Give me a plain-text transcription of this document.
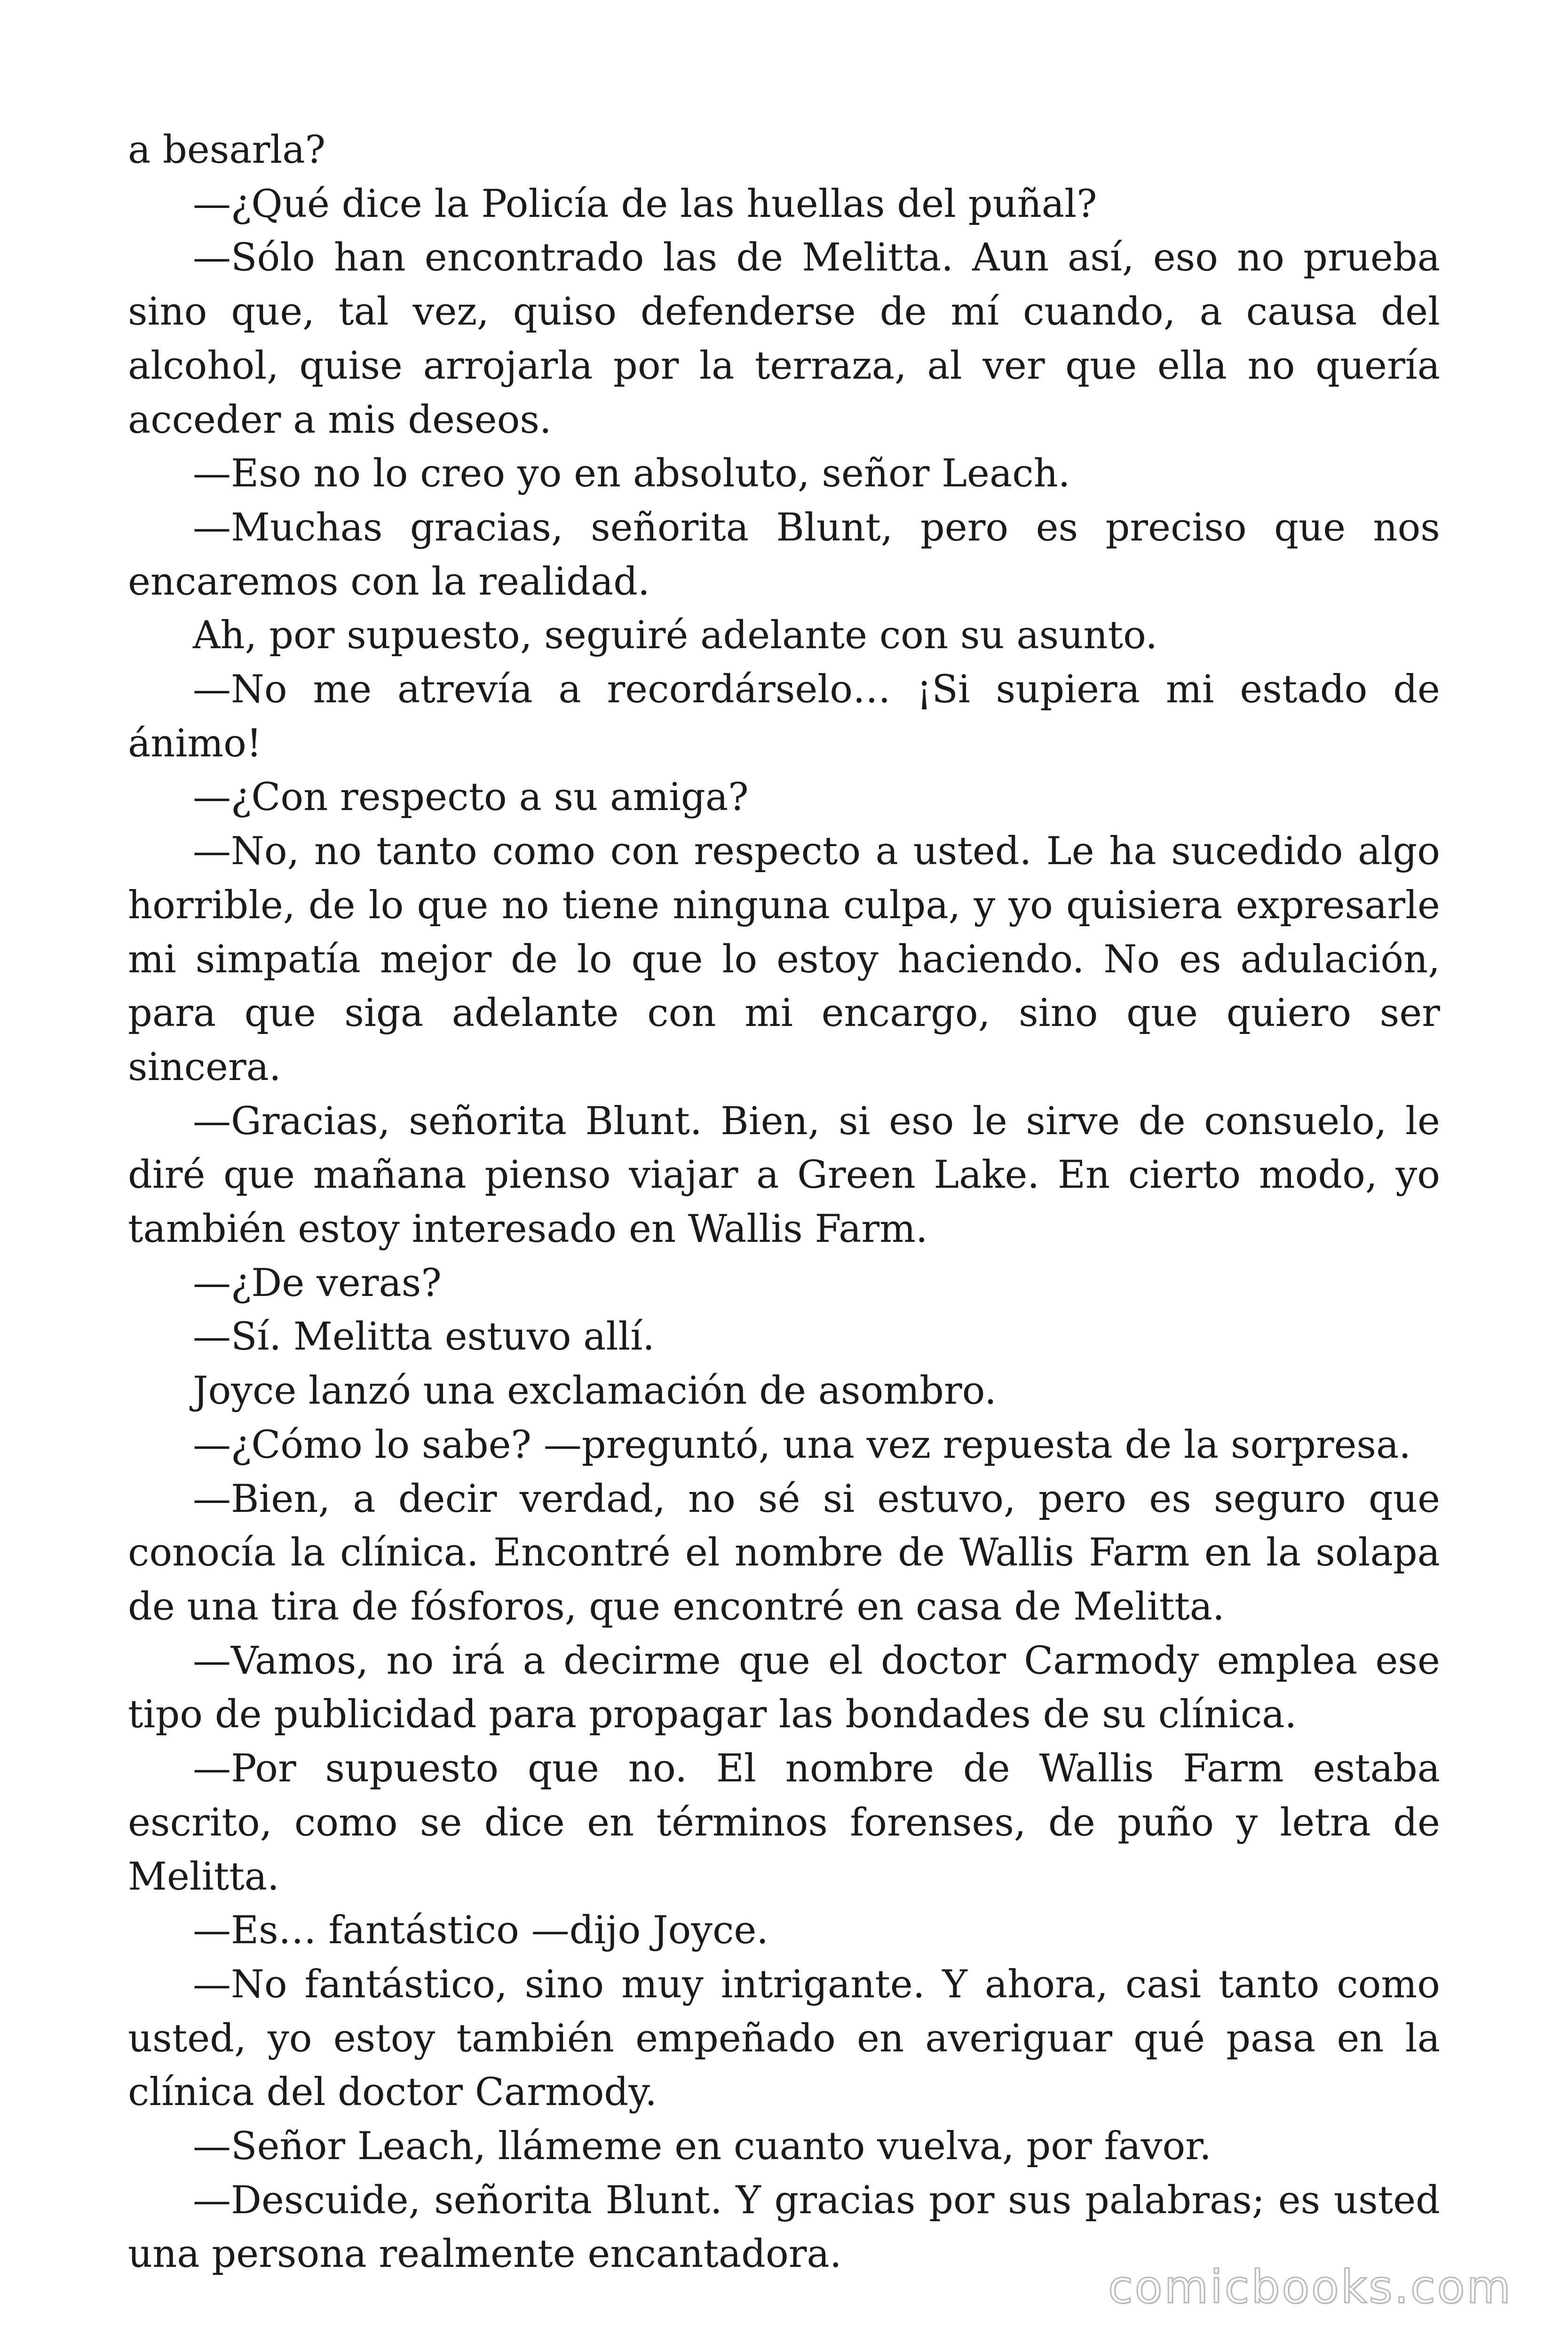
a besarla?

—¿Qué dice la Policía de las huellas del puñal?

—Sólo han encontrado las de Melitta. Aun así, eso no prueba sino que, tal vez, quiso defenderse de mí cuando, a causa del alcohol, quise arrojarla por la terraza, al ver que ella no quería acceder a mis deseos.

—Eso no lo creo yo en absoluto, señor Leach.

—Muchas gracias, señorita Blunt, pero es preciso que nos encaremos con la realidad.

Ah, por supuesto, seguiré adelante con su asunto.

—No me atrevía a recordárselo… ¡Si supiera mi estado de ánimo!

—¿Con respecto a su amiga?

—No, no tanto como con respecto a usted. Le ha sucedido algo horrible, de lo que no tiene ninguna culpa, y yo quisiera expresarle mi simpatía mejor de lo que lo estoy haciendo. No es adulación, para que siga adelante con mi encargo, sino que quiero ser sincera.

—Gracias, señorita Blunt. Bien, si eso le sirve de consuelo, le diré que mañana pienso viajar a Green Lake. En cierto modo, yo también estoy interesado en Wallis Farm.

—¿De veras?

—Sí. Melitta estuvo allí.

Joyce lanzó una exclamación de asombro.

—¿Cómo lo sabe? —preguntó, una vez repuesta de la sorpresa.

—Bien, a decir verdad, no sé si estuvo, pero es seguro que conocía la clínica. Encontré el nombre de Wallis Farm en la solapa de una tira de fósforos, que encontré en casa de Melitta.

—Vamos, no irá a decirme que el doctor Carmody emplea ese tipo de publicidad para propagar las bondades de su clínica.

—Por supuesto que no. El nombre de Wallis Farm estaba escrito, como se dice en términos forenses, de puño y letra de Melitta.

—Es… fantástico —dijo Joyce.

—No fantástico, sino muy intrigante. Y ahora, casi tanto como usted, yo estoy también empeñado en averiguar qué pasa en la clínica del doctor Carmody.

—Señor Leach, llámeme en cuanto vuelva, por favor.

—Descuide, señorita Blunt. Y gracias por sus palabras; es usted una persona realmente encantadora.

comicbooks.com
